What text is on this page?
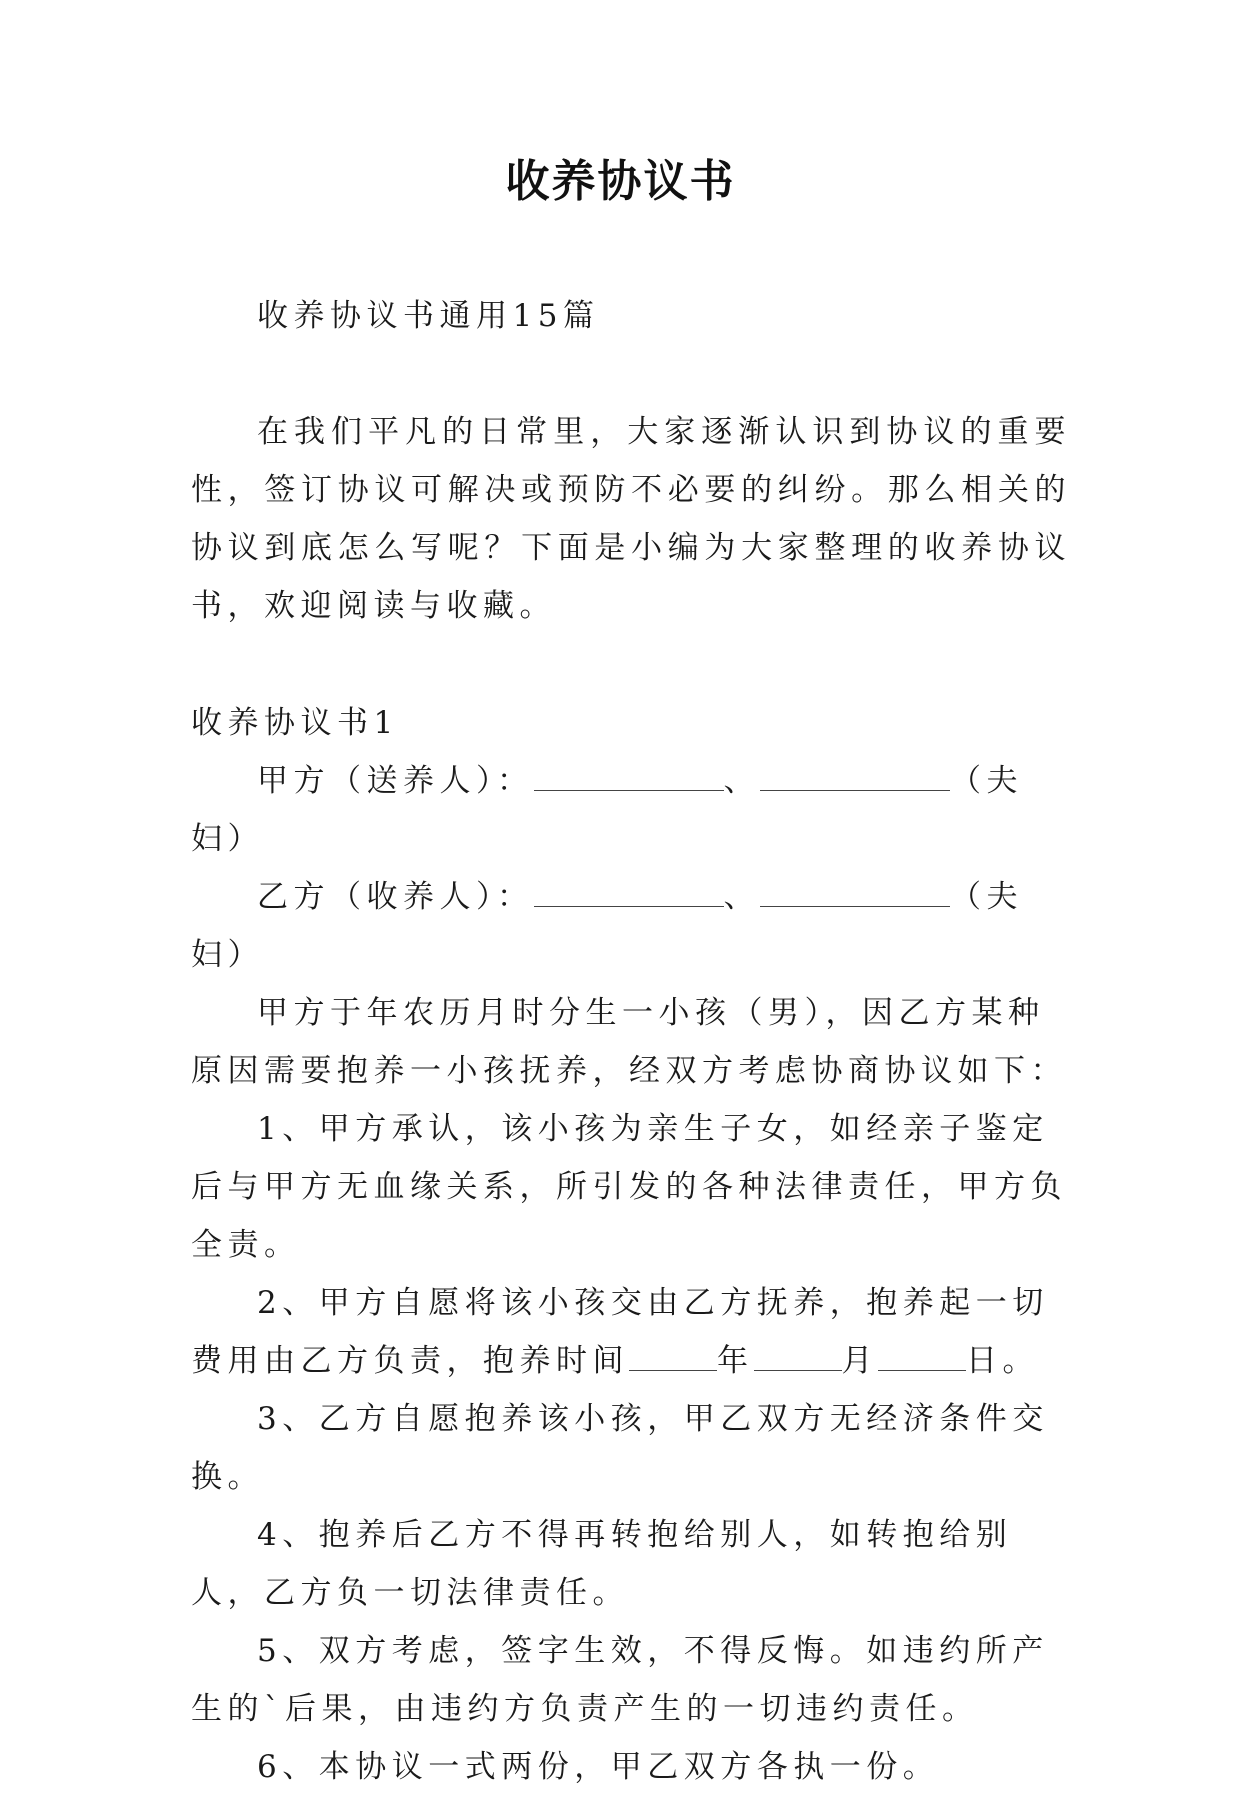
收养协议书
收养协议书通用15篇
在我们平凡的日常里，大家逐渐认识到协议的重要性，签订协议可解决或预防不必要的纠纷。那么相关的协议到底怎么写呢？下面是小编为大家整理的收养协议书，欢迎阅读与收藏。
收养协议书1

甲方（送养人）：	、	（夫妇）

乙方（收养人）：	、	（夫妇）

甲方于年农历月时分生一小孩（男），因乙方某种原因需要抱养一小孩抚养，经双方考虑协商协议如下：

1、甲方承认，该小孩为亲生子女，如经亲子鉴定后与甲方无血缘关系，所引发的各种法律责任，甲方负全责。

2、甲方自愿将该小孩交由乙方抚养，抱养起一切费用由乙方负责，抱养时间	年	月	日。

3、乙方自愿抱养该小孩，甲乙双方无经济条件交换。

4、抱养后乙方不得再转抱给别人，如转抱给别人，乙方负一切法律责任。

5、双方考虑，签字生效，不得反悔。如违约所产生的`后果，由违约方负责产生的一切违约责任。

6、本协议一式两份，甲乙双方各执一份。
